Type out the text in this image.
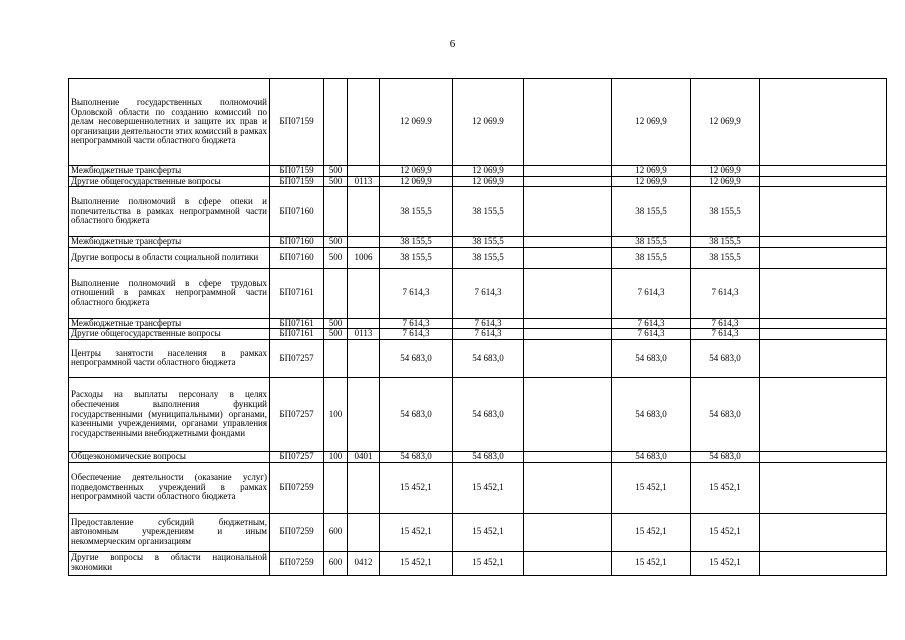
6
Выполнение государственных полномочий Орловской области по созданию комиссий по делам несовершеннолетних и защите их прав и организации деятельности этих комиссий в рамках непрограммной части областного бюджета	БП07159			12 069.9	12 069.9		12 069,9	12 069,9	
Межбюджетные трансферты	БП07159	500		12 069,9	12 069,9		12 069,9	12 069,9	
Другие общегосударственные вопросы	БП07159	500	0113	12 069,9	12 069,9		12 069,9	12 069,9	
Выполнение полномочий в сфере опеки и попечительства в рамках непрограммной части областного бюджета	БП07160			38 155,5	38 155,5		38 155,5	38 155,5	
Межбюджетные трансферты	БП07160	500		38 155,5	38 155,5		38 155,5	38 155,5	
Другие вопросы в области социальной политики	БП07160	500	1006	38 155,5	38 155,5		38 155,5	38 155,5	
Выполнение полномочий в сфере трудовых отношений в рамках непрограммной части областного бюджета	БП07161			7 614,3	7 614,3		7 614,3	7 614,3	
Межбюджетные трансферты	БП07161	500		7 614,3	7 614,3		7 614,3	7 614,3	
Другие общегосударственные вопросы	БП07161	500	0113	7 614,3	7 614,3		7 614,3	7 614,3	
Центры занятости населения в рамках непрограммной части областного бюджета	БП07257			54 683,0	54 683,0		54 683,0	54 683,0	
Расходы на выплаты персоналу в целях обеспечения выполнения функций государственными (муниципальными) органами, казенными учреждениями, органами управления государственными внебюджетными фондами	БП07257	100		54 683,0	54 683,0		54 683,0	54 683,0	
Общеэкономические вопросы	БП07257	100	0401	54 683,0	54 683,0		54 683,0	54 683,0	
Обеспечение деятельности (оказание услуг) подведомственных учреждений в рамках непрограммной части областного бюджета	БП07259			15 452,1	15 452,1		15 452,1	15 452,1	
Предоставление субсидий бюджетным, автономным учреждениям и иным некоммерческим организациям	БП07259	600		15 452,1	15 452,1		15 452,1	15 452,1	
Другие вопросы в области национальной экономики	БП07259	600	0412	15 452,1	15 452,1		15 452,1	15 452,1	
